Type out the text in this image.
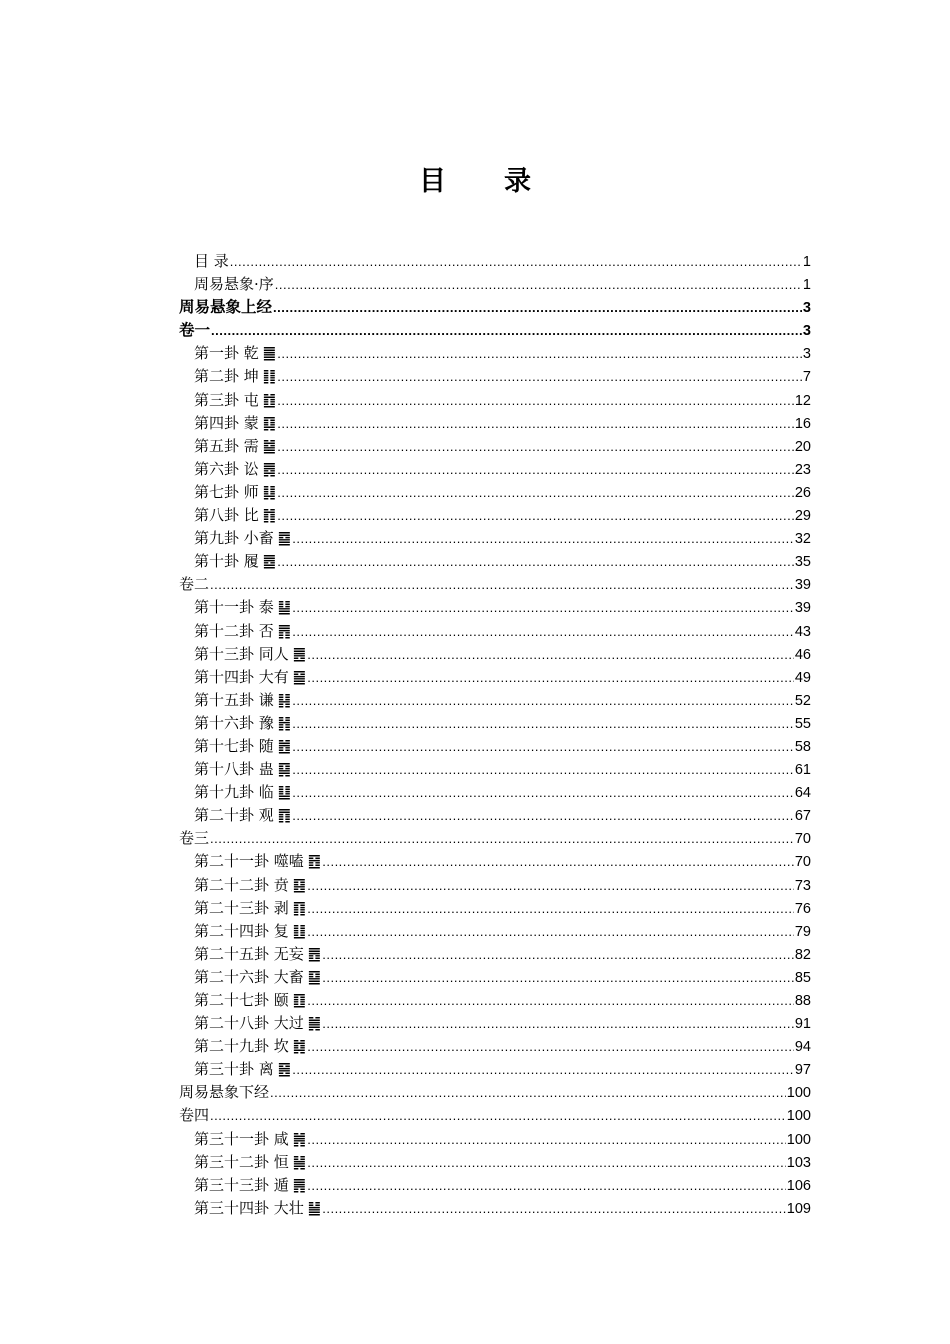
目 录
目 录 .....	1
周易悬象·序 .....	1
周易悬象上经 .....	3
卷一 .....	3
第一卦 乾 ䷀ .....	3
第二卦 坤 ䷁ .....	7
第三卦 屯 ䷂ .....	12
第四卦 蒙 ䷃ .....	16
第五卦 需 ䷄ .....	20
第六卦 讼 ䷅ .....	23
第七卦 师 ䷆ .....	26
第八卦 比 ䷇ .....	29
第九卦 小畜 ䷈ .....	32
第十卦 履 ䷉ .....	35
卷二 .....	39
第十一卦 泰 ䷊ .....	39
第十二卦 否 ䷋ .....	43
第十三卦 同人 ䷌ .....	46
第十四卦 大有 ䷍ .....	49
第十五卦 谦 ䷎ .....	52
第十六卦 豫 ䷏ .....	55
第十七卦 随 ䷐ .....	58
第十八卦 蛊 ䷑ .....	61
第十九卦 临 ䷒ .....	64
第二十卦 观 ䷓ .....	67
卷三 .....	70
第二十一卦 噬嗑 ䷔ .....	70
第二十二卦 贲 ䷕ .....	73
第二十三卦 剥 ䷖ .....	76
第二十四卦 复 ䷗ .....	79
第二十五卦 无妄 ䷘ .....	82
第二十六卦 大畜 ䷙ .....	85
第二十七卦 颐 ䷚ .....	88
第二十八卦 大过 ䷛ .....	91
第二十九卦 坎 ䷜ .....	94
第三十卦 离 ䷝ .....	97
周易悬象下经 .....	100
卷四 .....	100
第三十一卦 咸 ䷞ .....	100
第三十二卦 恒 ䷟ .....	103
第三十三卦 遁 ䷠ .....	106
第三十四卦 大壮 ䷡ .....	109
